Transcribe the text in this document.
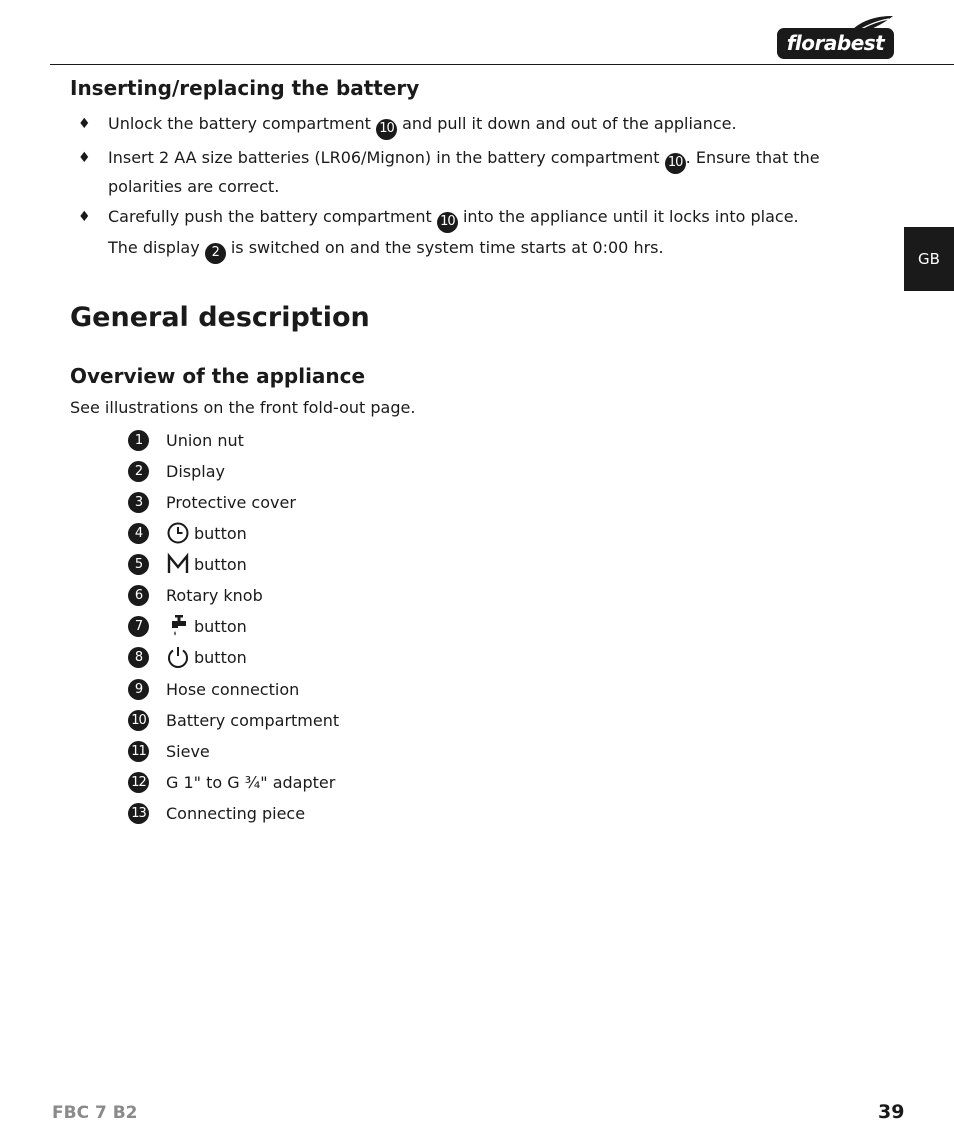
florabest
GB
Inserting/replacing the battery
♦ Unlock the battery compartment 10 and pull it down and out of the appliance.
♦ Insert 2 AA size batteries (LR06/Mignon) in the battery compartment 10 . Ensure that the polarities are correct.
♦ Carefully push the battery compartment 10 into the appliance until it locks into place.
The display 2 is switched on and the system time starts at 0:00 hrs.
General description
Overview of the appliance
See illustrations on the front fold-out page.
1	Union nut
2	Display
3	Protective cover
4	button
5	button
6	Rotary knob
7	button
8	button
9	Hose connection
10 Battery compartment
11 Sieve
12 G 1" to G ¾" adapter
13 Connecting piece
FBC 7 B2	39
